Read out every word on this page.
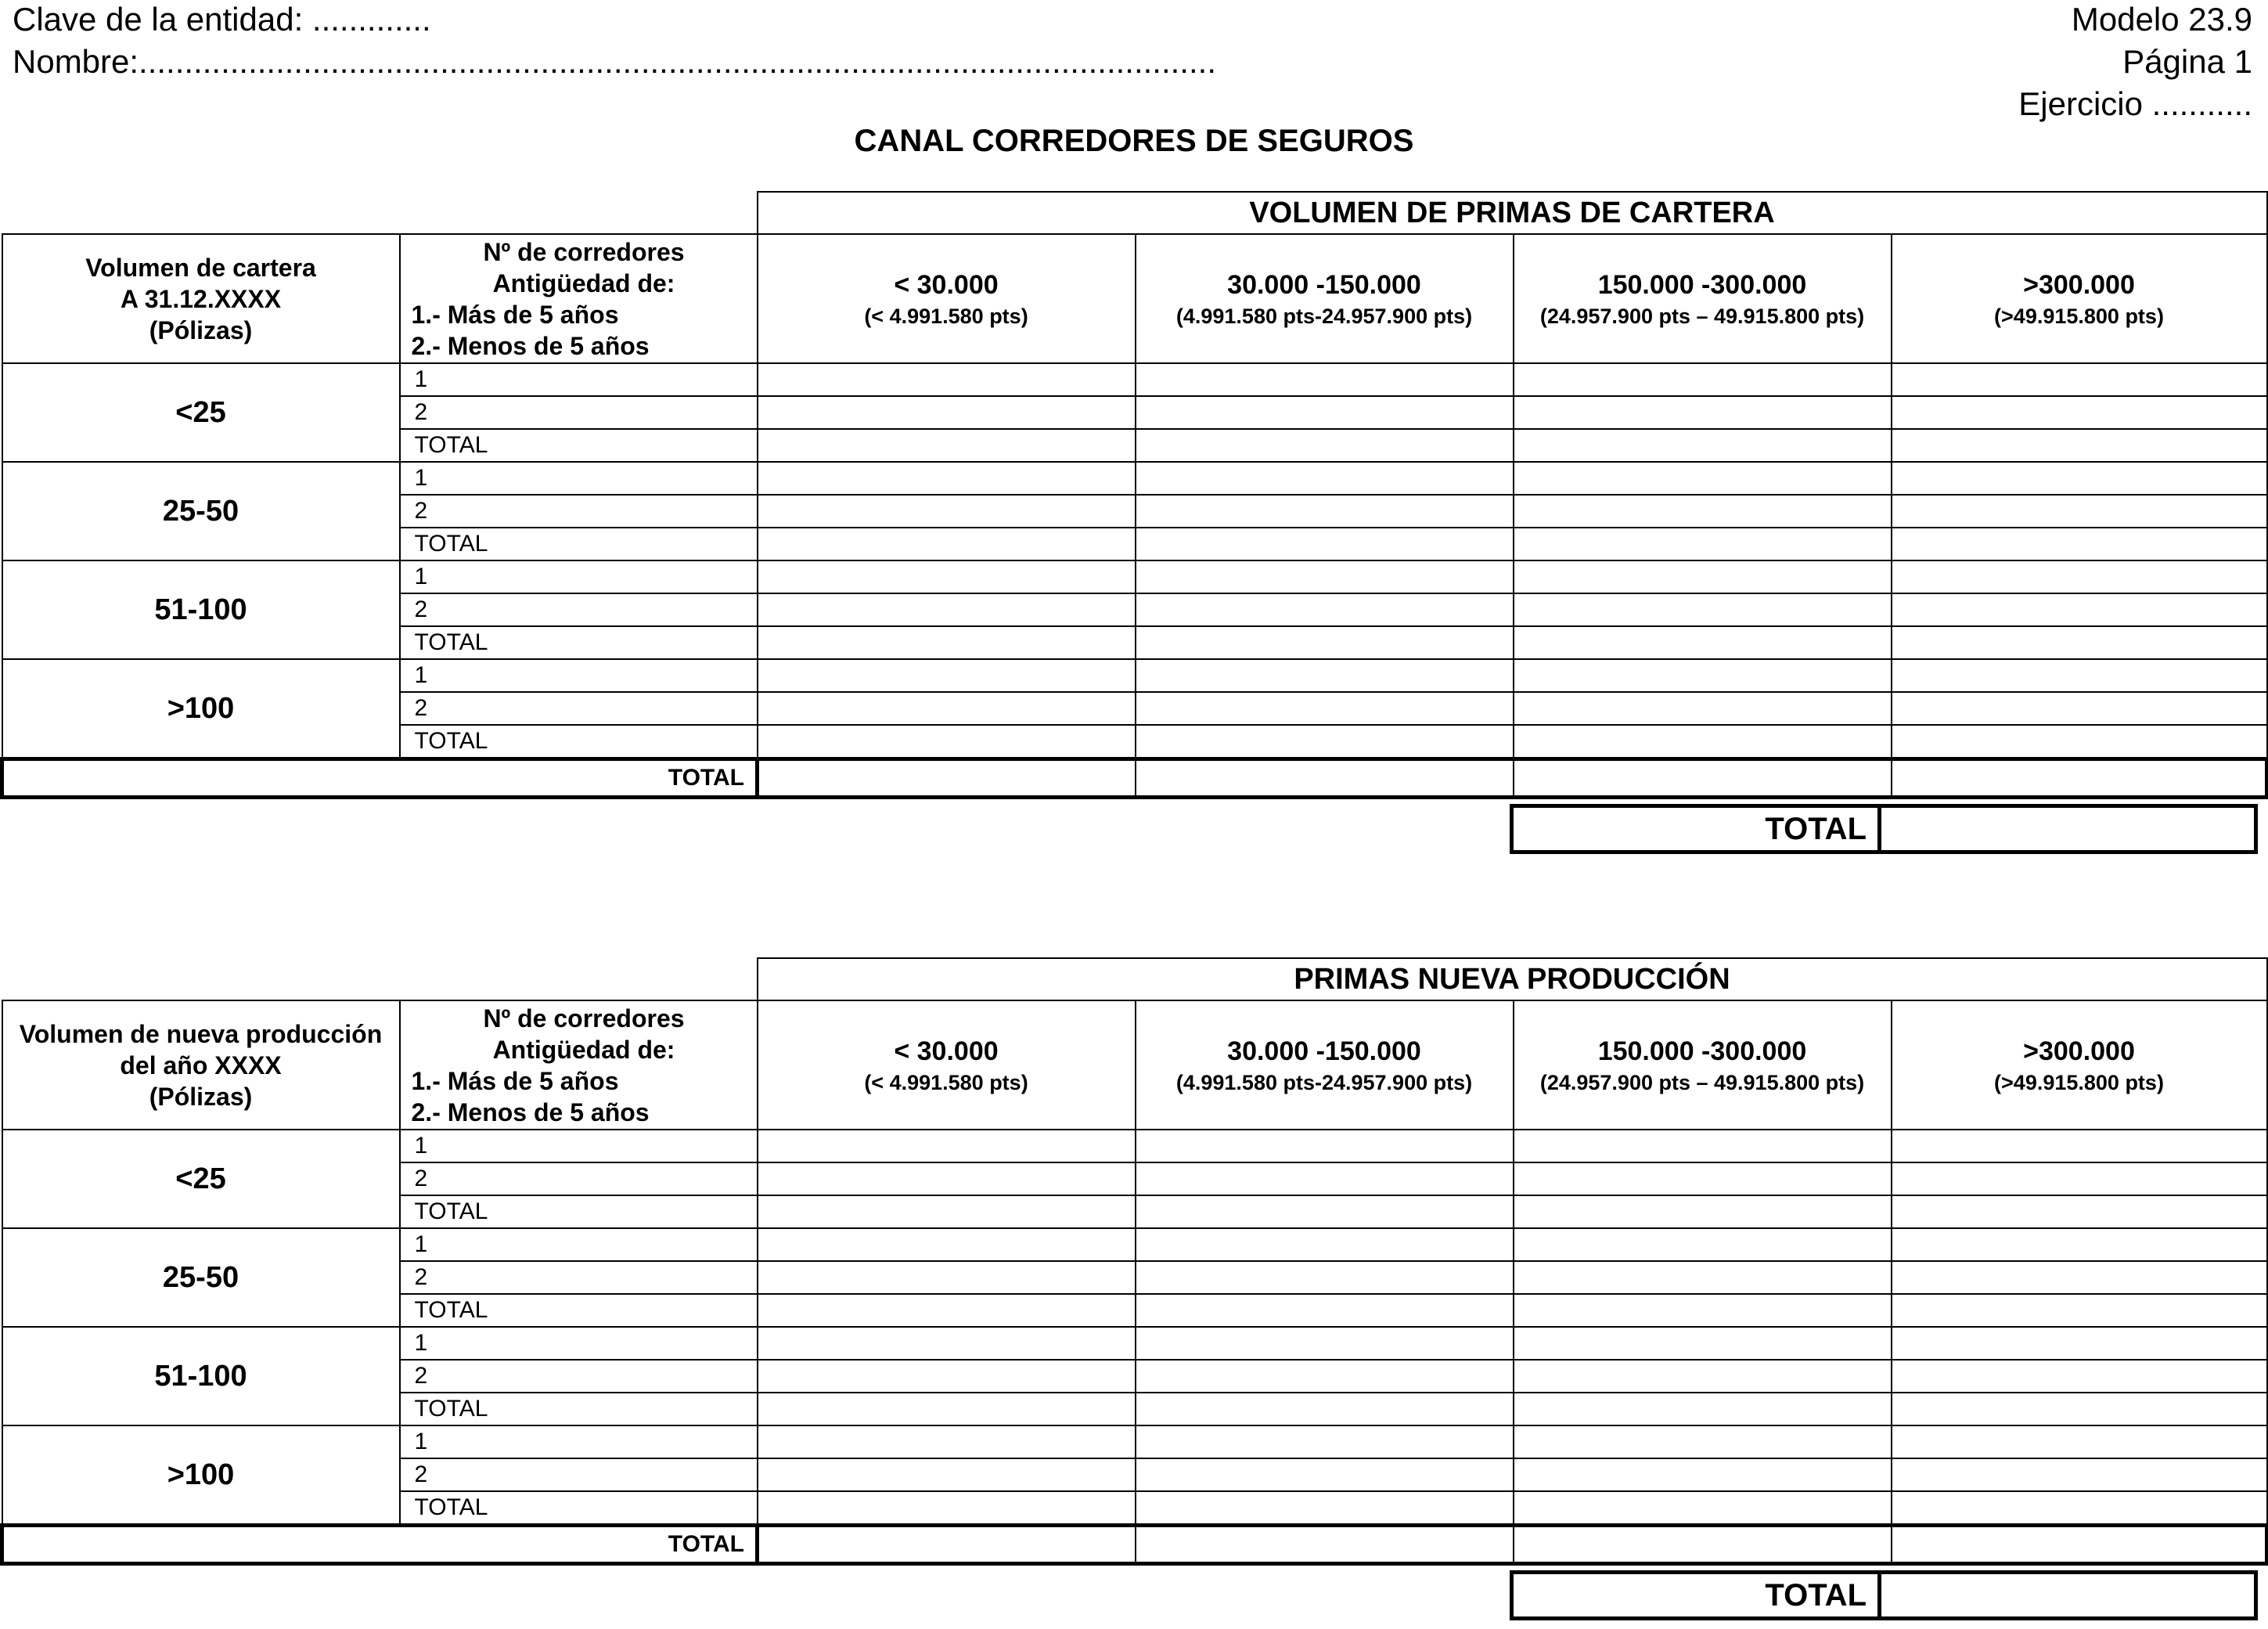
Clave de la entidad: .............
Nombre:......................................................................................................................
Modelo 23.9
Página 1
Ejercicio ...........
CANAL CORREDORES DE SEGUROS
		VOLUMEN DE PRIMAS DE CARTERA			

Volumen de cartera
A 31.12.XXXX
(Pólizas)	Nº de corredores
Antigüedad de:
1.- Más de 5 años
2.- Menos de 5 años	< 30.000
(< 4.991.580 pts)	30.000 -150.000
(4.991.580 pts-24.957.900 pts)	150.000 -300.000
(24.957.900 pts – 49.915.800 pts)	>300.000
(>49.915.800 pts)

<25	1				
	2				
	TOTAL				
25-50	1				
	2				
	TOTAL				
51-100	1				
	2				
	TOTAL				
>100	1				
	2				
	TOTAL				
TOTAL					
TOTAL
		PRIMAS NUEVA PRODUCCIÓN			

Volumen de nueva producción
del año XXXX
(Pólizas)	Nº de corredores
Antigüedad de:
1.- Más de 5 años
2.- Menos de 5 años	< 30.000
(< 4.991.580 pts)	30.000 -150.000
(4.991.580 pts-24.957.900 pts)	150.000 -300.000
(24.957.900 pts – 49.915.800 pts)	>300.000
(>49.915.800 pts)

<25	1				
	2				
	TOTAL				
25-50	1				
	2				
	TOTAL				
51-100	1				
	2				
	TOTAL				
>100	1				
	2				
	TOTAL				
TOTAL					
TOTAL
